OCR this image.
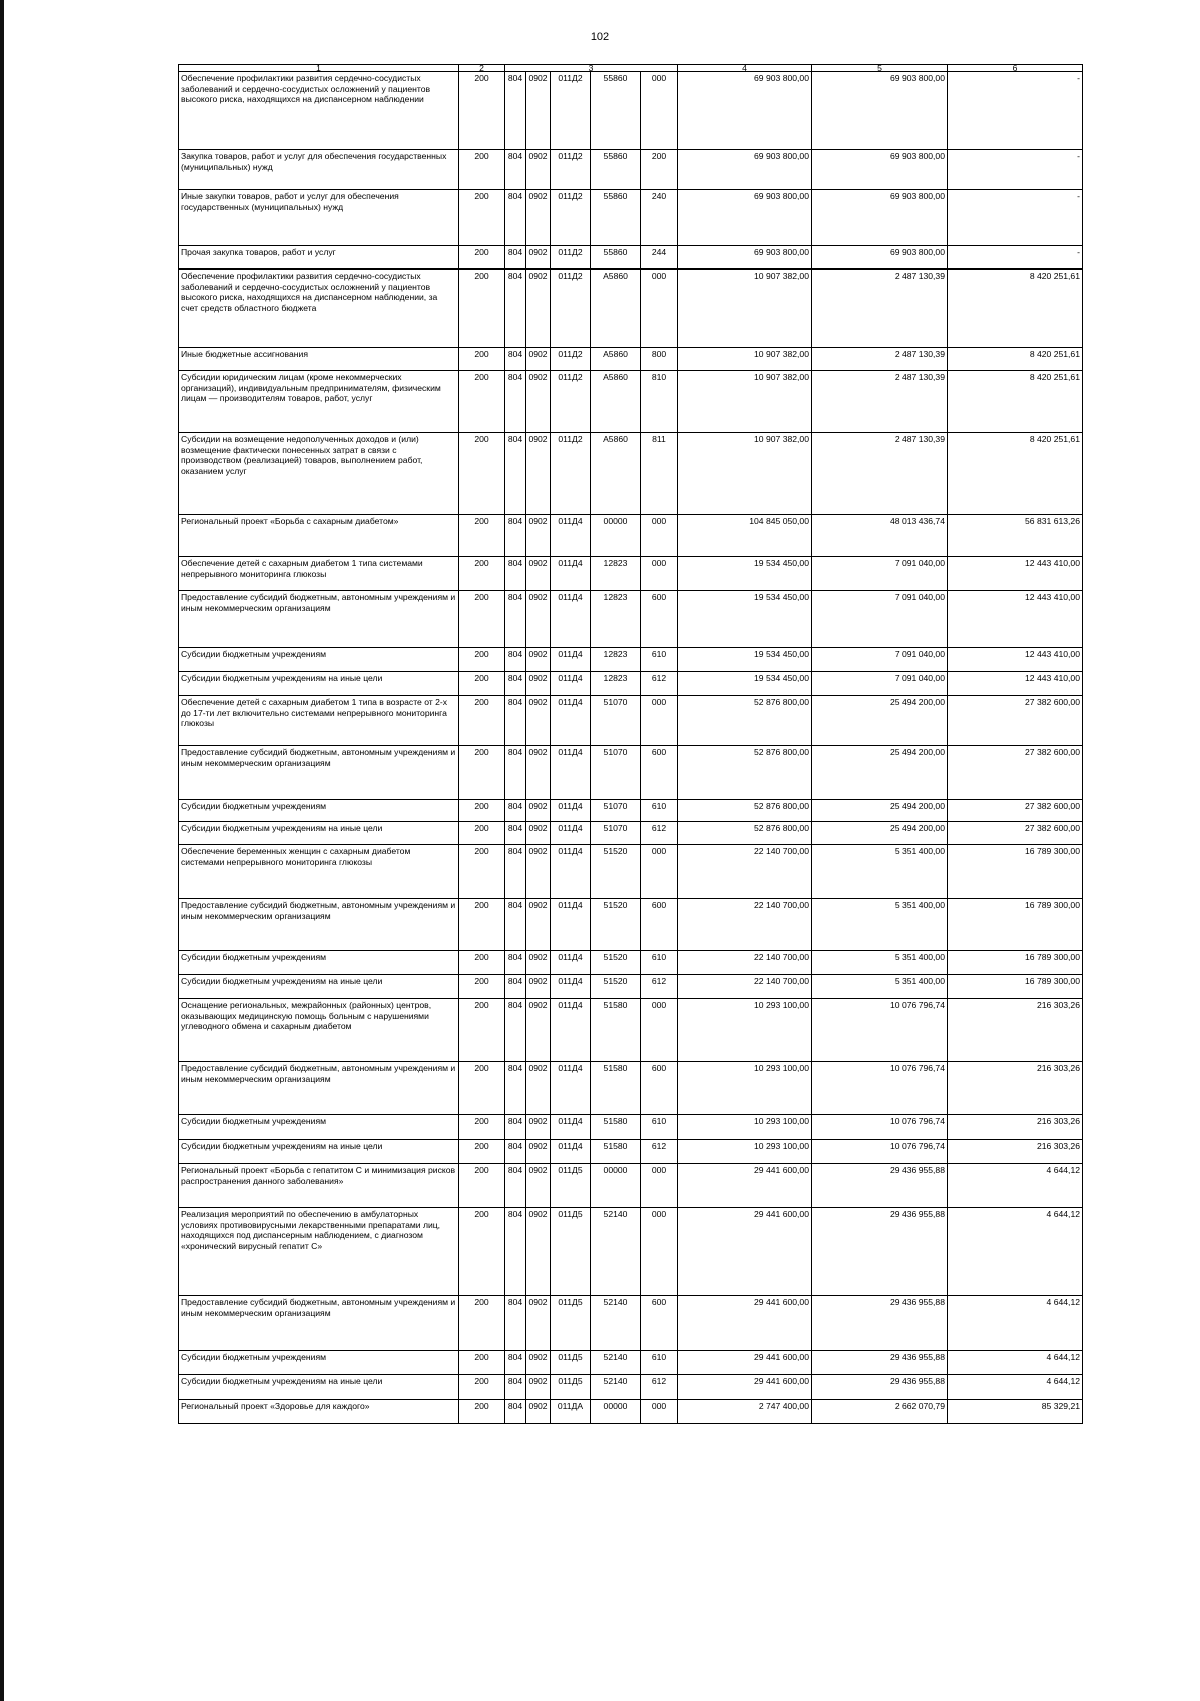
102
1	2	3					4	5	6
Обеспечение профилактики развития сердечно-сосудистых заболеваний и сердечно-сосудистых осложнений у пациентов высокого риска, находящихся на диспансерном наблюдении	200	804	0902	011Д2	55860	000	69 903 800,00	69 903 800,00	-
Закупка товаров, работ и услуг для обеспечения государственных (муниципальных) нужд	200	804	0902	011Д2	55860	200	69 903 800,00	69 903 800,00	-
Иные закупки товаров, работ и услуг для обеспечения государственных (муниципальных) нужд	200	804	0902	011Д2	55860	240	69 903 800,00	69 903 800,00	-
Прочая закупка товаров, работ и услуг	200	804	0902	011Д2	55860	244	69 903 800,00	69 903 800,00	-
Обеспечение профилактики развития сердечно-сосудистых заболеваний и сердечно-сосудистых осложнений у пациентов высокого риска, находящихся на диспансерном наблюдении, за счет средств областного бюджета	200	804	0902	011Д2	А5860	000	10 907 382,00	2 487 130,39	8 420 251,61
Иные бюджетные ассигнования	200	804	0902	011Д2	А5860	800	10 907 382,00	2 487 130,39	8 420 251,61
Субсидии юридическим лицам (кроме некоммерческих организаций), индивидуальным предпринимателям, физическим лицам — производителям товаров, работ, услуг	200	804	0902	011Д2	А5860	810	10 907 382,00	2 487 130,39	8 420 251,61
Субсидии на возмещение недополученных доходов и (или) возмещение фактически понесенных затрат в связи с производством (реализацией) товаров, выполнением работ, оказанием услуг	200	804	0902	011Д2	А5860	811	10 907 382,00	2 487 130,39	8 420 251,61
Региональный проект «Борьба с сахарным диабетом»	200	804	0902	011Д4	00000	000	104 845 050,00	48 013 436,74	56 831 613,26
Обеспечение детей с сахарным диабетом 1 типа системами непрерывного мониторинга глюкозы	200	804	0902	011Д4	12823	000	19 534 450,00	7 091 040,00	12 443 410,00
Предоставление субсидий бюджетным, автономным учреждениям и иным некоммерческим организациям	200	804	0902	011Д4	12823	600	19 534 450,00	7 091 040,00	12 443 410,00
Субсидии бюджетным учреждениям	200	804	0902	011Д4	12823	610	19 534 450,00	7 091 040,00	12 443 410,00
Субсидии бюджетным учреждениям на иные цели	200	804	0902	011Д4	12823	612	19 534 450,00	7 091 040,00	12 443 410,00
Обеспечение детей с сахарным диабетом 1 типа в возрасте от 2-х до 17-ти лет включительно системами непрерывного мониторинга глюкозы	200	804	0902	011Д4	51070	000	52 876 800,00	25 494 200,00	27 382 600,00
Предоставление субсидий бюджетным, автономным учреждениям и иным некоммерческим организациям	200	804	0902	011Д4	51070	600	52 876 800,00	25 494 200,00	27 382 600,00
Субсидии бюджетным учреждениям	200	804	0902	011Д4	51070	610	52 876 800,00	25 494 200,00	27 382 600,00
Субсидии бюджетным учреждениям на иные цели	200	804	0902	011Д4	51070	612	52 876 800,00	25 494 200,00	27 382 600,00
Обеспечение беременных женщин с сахарным диабетом системами непрерывного мониторинга глюкозы	200	804	0902	011Д4	51520	000	22 140 700,00	5 351 400,00	16 789 300,00
Предоставление субсидий бюджетным, автономным учреждениям и иным некоммерческим организациям	200	804	0902	011Д4	51520	600	22 140 700,00	5 351 400,00	16 789 300,00
Субсидии бюджетным учреждениям	200	804	0902	011Д4	51520	610	22 140 700,00	5 351 400,00	16 789 300,00
Субсидии бюджетным учреждениям на иные цели	200	804	0902	011Д4	51520	612	22 140 700,00	5 351 400,00	16 789 300,00
Оснащение региональных, межрайонных (районных) центров, оказывающих медицинскую помощь больным с нарушениями углеводного обмена и сахарным диабетом	200	804	0902	011Д4	51580	000	10 293 100,00	10 076 796,74	216 303,26
Предоставление субсидий бюджетным, автономным учреждениям и иным некоммерческим организациям	200	804	0902	011Д4	51580	600	10 293 100,00	10 076 796,74	216 303,26
Субсидии бюджетным учреждениям	200	804	0902	011Д4	51580	610	10 293 100,00	10 076 796,74	216 303,26
Субсидии бюджетным учреждениям на иные цели	200	804	0902	011Д4	51580	612	10 293 100,00	10 076 796,74	216 303,26
Региональный проект «Борьба с гепатитом С и минимизация рисков распространения данного заболевания»	200	804	0902	011Д5	00000	000	29 441 600,00	29 436 955,88	4 644,12
Реализация мероприятий по обеспечению в амбулаторных условиях противовирусными лекарственными препаратами лиц, находящихся под диспансерным наблюдением, с диагнозом «хронический вирусный гепатит С»	200	804	0902	011Д5	52140	000	29 441 600,00	29 436 955,88	4 644,12
Предоставление субсидий бюджетным, автономным учреждениям и иным некоммерческим организациям	200	804	0902	011Д5	52140	600	29 441 600,00	29 436 955,88	4 644,12
Субсидии бюджетным учреждениям	200	804	0902	011Д5	52140	610	29 441 600,00	29 436 955,88	4 644,12
Субсидии бюджетным учреждениям на иные цели	200	804	0902	011Д5	52140	612	29 441 600,00	29 436 955,88	4 644,12
Региональный проект «Здоровье для каждого»	200	804	0902	011ДА	00000	000	2 747 400,00	2 662 070,79	85 329,21
